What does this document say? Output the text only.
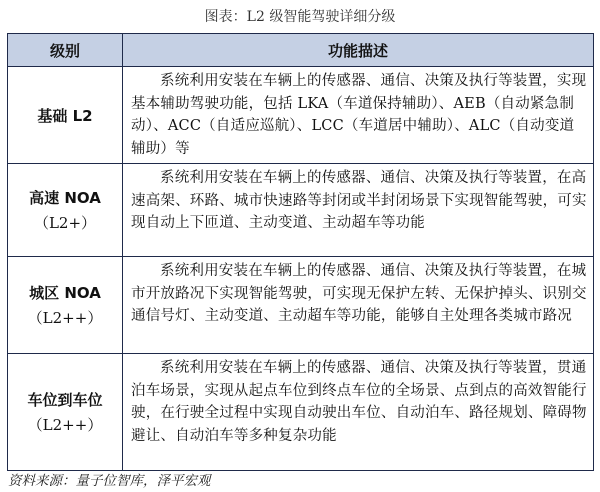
图表：L2 级智能驾驶详细分级
级别	功能描述
基础 L2	系统利用安装在车辆上的传感器、通信、决策及执行等装置，实现基本辅助驾驶功能，包括 LKA（车道保持辅助）、AEB（自动紧急制动）、ACC（自适应巡航）、LCC（车道居中辅助）、ALC（自动变道辅助）等
高速 NOA
（L2+）	系统利用安装在车辆上的传感器、通信、决策及执行等装置，在高速高架、环路、城市快速路等封闭或半封闭场景下实现智能驾驶，可实现自动上下匝道、主动变道、主动超车等功能
城区 NOA
（L2++）	系统利用安装在车辆上的传感器、通信、决策及执行等装置，在城市开放路况下实现智能驾驶，可实现无保护左转、无保护掉头、识别交通信号灯、主动变道、主动超车等功能，能够自主处理各类城市路况
车位到车位
（L2++）	系统利用安装在车辆上的传感器、通信、决策及执行等装置，贯通泊车场景，实现从起点车位到终点车位的全场景、点到点的高效智能行驶，在行驶全过程中实现自动驶出车位、自动泊车、路径规划、障碍物避让、自动泊车等多种复杂功能
资料来源：量子位智库，泽平宏观
